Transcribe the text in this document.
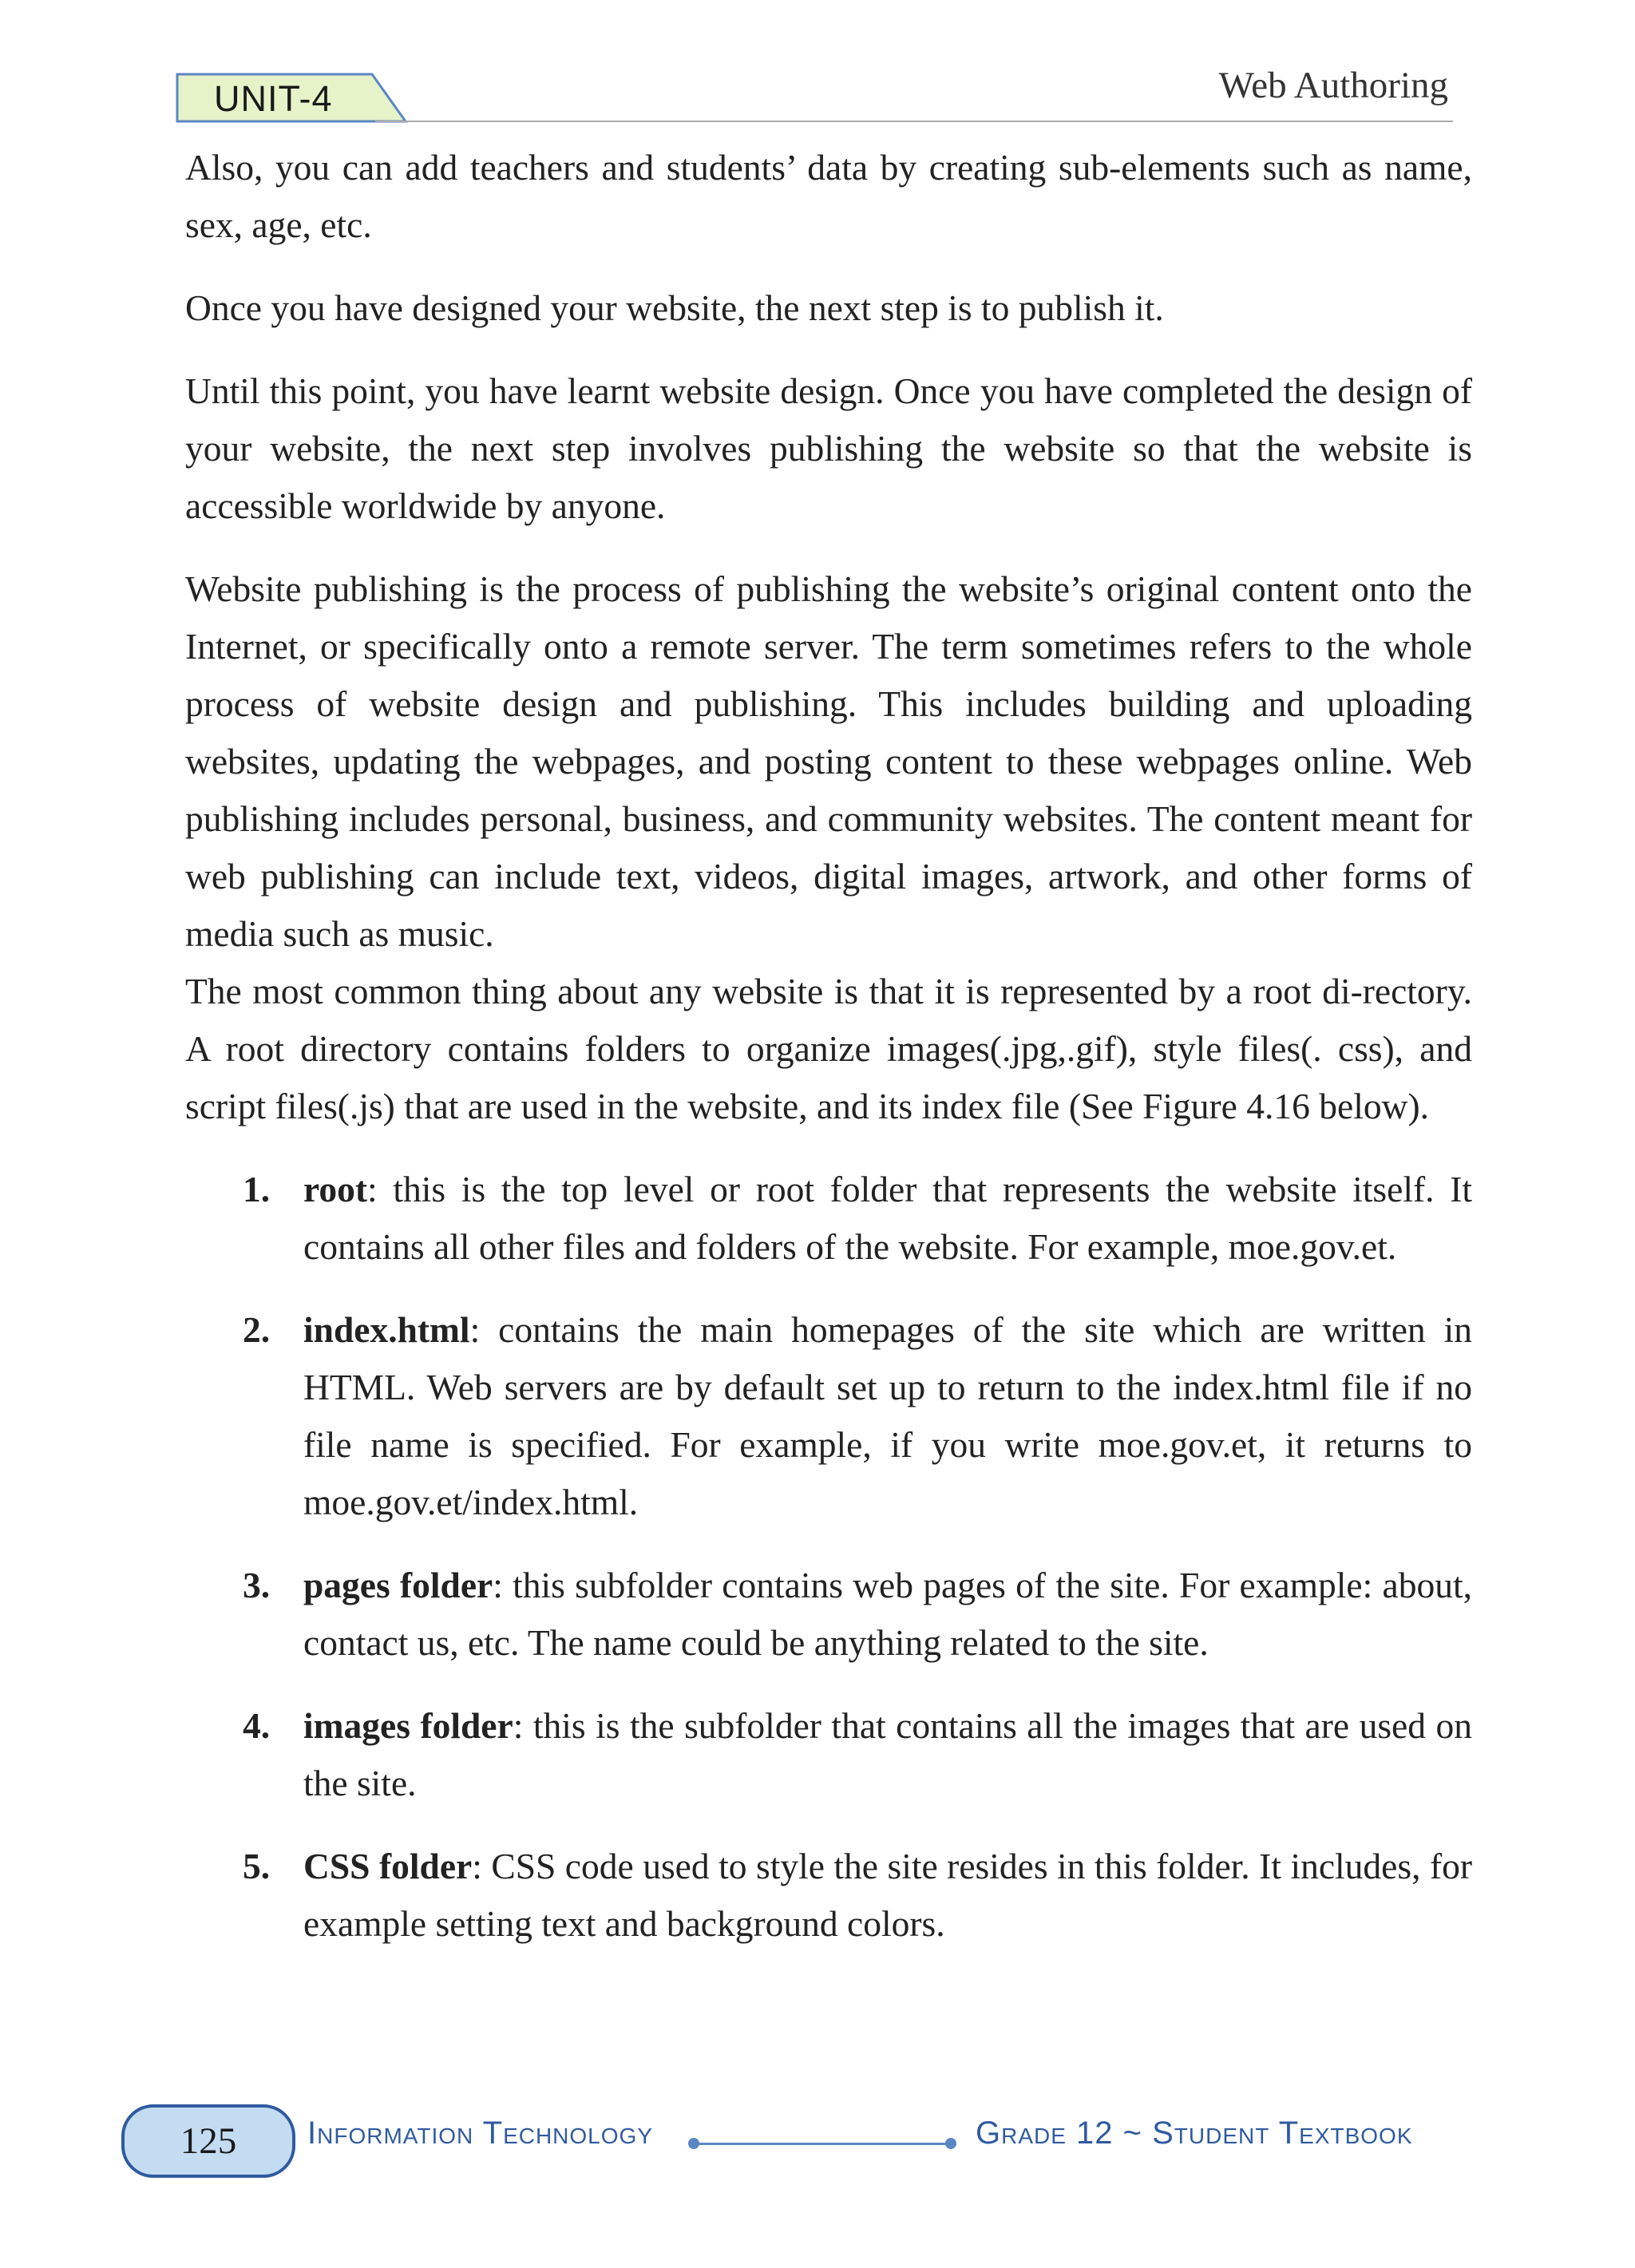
UNIT-4	Web Authoring

Also, you can add teachers and students’ data by creating sub-elements such as name, sex, age, etc.

Once you have designed your website, the next step is to publish it.

Until this point, you have learnt website design. Once you have completed the design of your website, the next step involves publishing the website so that the website is accessible worldwide by anyone.

Website publishing is the process of publishing the website’s original content onto the Internet, or specifically onto a remote server. The term sometimes refers to the whole process of website design and publishing. This includes building and uploading websites, updating the webpages, and posting content to these webpages online. Web publishing includes personal, business, and community websites. The content meant for web publishing can include text, videos, digital images, artwork, and other forms of media such as music.

The most common thing about any website is that it is represented by a root di-rectory. A root directory contains folders to organize images(.jpg,.gif), style files(. css), and script files(.js) that are used in the website, and its index file (See Figure 4.16 below).

1. root: this is the top level or root folder that represents the website itself. It contains all other files and folders of the website. For example, moe.gov.et.
2. index.html: contains the main homepages of the site which are written in HTML. Web servers are by default set up to return to the index.html file if no file name is specified. For example, if you write moe.gov.et, it returns to moe.gov.et/index.html.
3. pages folder: this subfolder contains web pages of the site. For example: about, contact us, etc. The name could be anything related to the site.
4. images folder: this is the subfolder that contains all the images that are used on the site.
5. CSS folder: CSS code used to style the site resides in this folder. It includes, for example setting text and background colors.
125	Information Technology	Grade 12 ~ Student Textbook
